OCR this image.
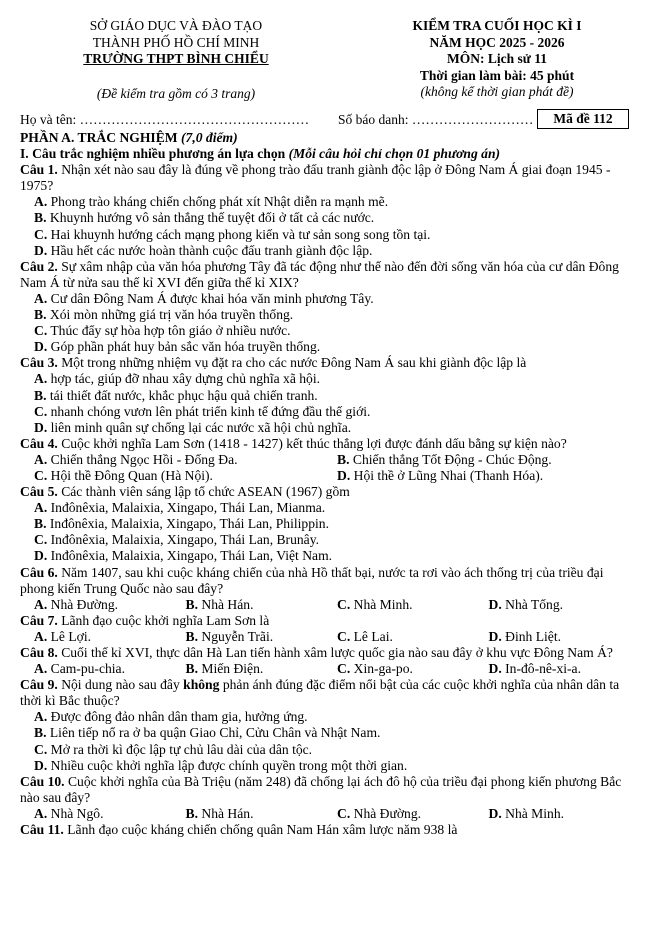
SỞ GIÁO DỤC VÀ ĐÀO TẠO
THÀNH PHỐ HỒ CHÍ MINH
TRƯỜNG THPT BÌNH CHIỂU
(Đề kiểm tra gồm có 3 trang)
KIỂM TRA CUỐI HỌC KÌ I
NĂM HỌC 2025 - 2026
MÔN: Lịch sử 11
Thời gian làm bài: 45 phút
(không kể thời gian phát đề)
Họ và tên: …………………………………………… Số báo danh: ………………………	Mã đề 112
PHẦN A. TRẮC NGHIỆM (7,0 điểm)
I. Câu trắc nghiệm nhiều phương án lựa chọn (Mỗi câu hỏi chỉ chọn 01 phương án)
Câu 1. Nhận xét nào sau đây là đúng về phong trào đấu tranh giành độc lập ở Đông Nam Á giai đoạn 1945 - 1975?
A. Phong trào kháng chiến chống phát xít Nhật diễn ra mạnh mẽ.
B. Khuynh hướng vô sản thắng thế tuyệt đối ở tất cả các nước.
C. Hai khuynh hướng cách mạng phong kiến và tư sản song song tồn tại.
D. Hầu hết các nước hoàn thành cuộc đấu tranh giành độc lập.
Câu 2. Sự xâm nhập của văn hóa phương Tây đã tác động như thế nào đến đời sống văn hóa của cư dân Đông Nam Á từ nửa sau thế kỉ XVI đến giữa thế kỉ XIX?
A. Cư dân Đông Nam Á được khai hóa văn minh phương Tây.
B. Xói mòn những giá trị văn hóa truyền thống.
C. Thúc đẩy sự hòa hợp tôn giáo ở nhiều nước.
D. Góp phần phát huy bản sắc văn hóa truyền thống.
Câu 3. Một trong những nhiệm vụ đặt ra cho các nước Đông Nam Á sau khi giành độc lập là
A. hợp tác, giúp đỡ nhau xây dựng chủ nghĩa xã hội.
B. tái thiết đất nước, khắc phục hậu quả chiến tranh.
C. nhanh chóng vươn lên phát triển kinh tế đứng đầu thế giới.
D. liên minh quân sự chống lại các nước xã hội chủ nghĩa.
Câu 4. Cuộc khởi nghĩa Lam Sơn (1418 - 1427) kết thúc thắng lợi được đánh dấu bằng sự kiện nào?
A. Chiến thắng Ngọc Hồi - Đống Đa.	B. Chiến thắng Tốt Động - Chúc Động.
C. Hội thề Đông Quan (Hà Nội).	D. Hội thề ở Lũng Nhai (Thanh Hóa).
Câu 5. Các thành viên sáng lập tổ chức ASEAN (1967) gồm
A. Inđônêxia, Malaixia, Xingapo, Thái Lan, Mianma.
B. Inđônêxia, Malaixia, Xingapo, Thái Lan, Philippin.
C. Inđônêxia, Malaixia, Xingapo, Thái Lan, Brunây.
D. Inđônêxia, Malaixia, Xingapo, Thái Lan, Việt Nam.
Câu 6. Năm 1407, sau khi cuộc kháng chiến của nhà Hồ thất bại, nước ta rơi vào ách thống trị của triều đại phong kiến Trung Quốc nào sau đây?
A. Nhà Đường.	B. Nhà Hán.	C. Nhà Minh.	D. Nhà Tống.
Câu 7. Lãnh đạo cuộc khởi nghĩa Lam Sơn là
A. Lê Lợi.	B. Nguyễn Trãi.	C. Lê Lai.	D. Đinh Liệt.
Câu 8. Cuối thế kỉ XVI, thực dân Hà Lan tiến hành xâm lược quốc gia nào sau đây ở khu vực Đông Nam Á?
A. Cam-pu-chia.	B. Miến Điện.	C. Xin-ga-po.	D. In-đô-nê-xi-a.
Câu 9. Nội dung nào sau đây không phản ánh đúng đặc điểm nổi bật của các cuộc khởi nghĩa của nhân dân ta thời kì Bắc thuộc?
A. Được đông đảo nhân dân tham gia, hưởng ứng.
B. Liên tiếp nổ ra ở ba quận Giao Chỉ, Cửu Chân và Nhật Nam.
C. Mở ra thời kì độc lập tự chủ lâu dài của dân tộc.
D. Nhiều cuộc khởi nghĩa lập được chính quyền trong một thời gian.
Câu 10. Cuộc khởi nghĩa của Bà Triệu (năm 248) đã chống lại ách đô hộ của triều đại phong kiến phương Bắc nào sau đây?
A. Nhà Ngô.	B. Nhà Hán.	C. Nhà Đường.	D. Nhà Minh.
Câu 11. Lãnh đạo cuộc kháng chiến chống quân Nam Hán xâm lược năm 938 là
